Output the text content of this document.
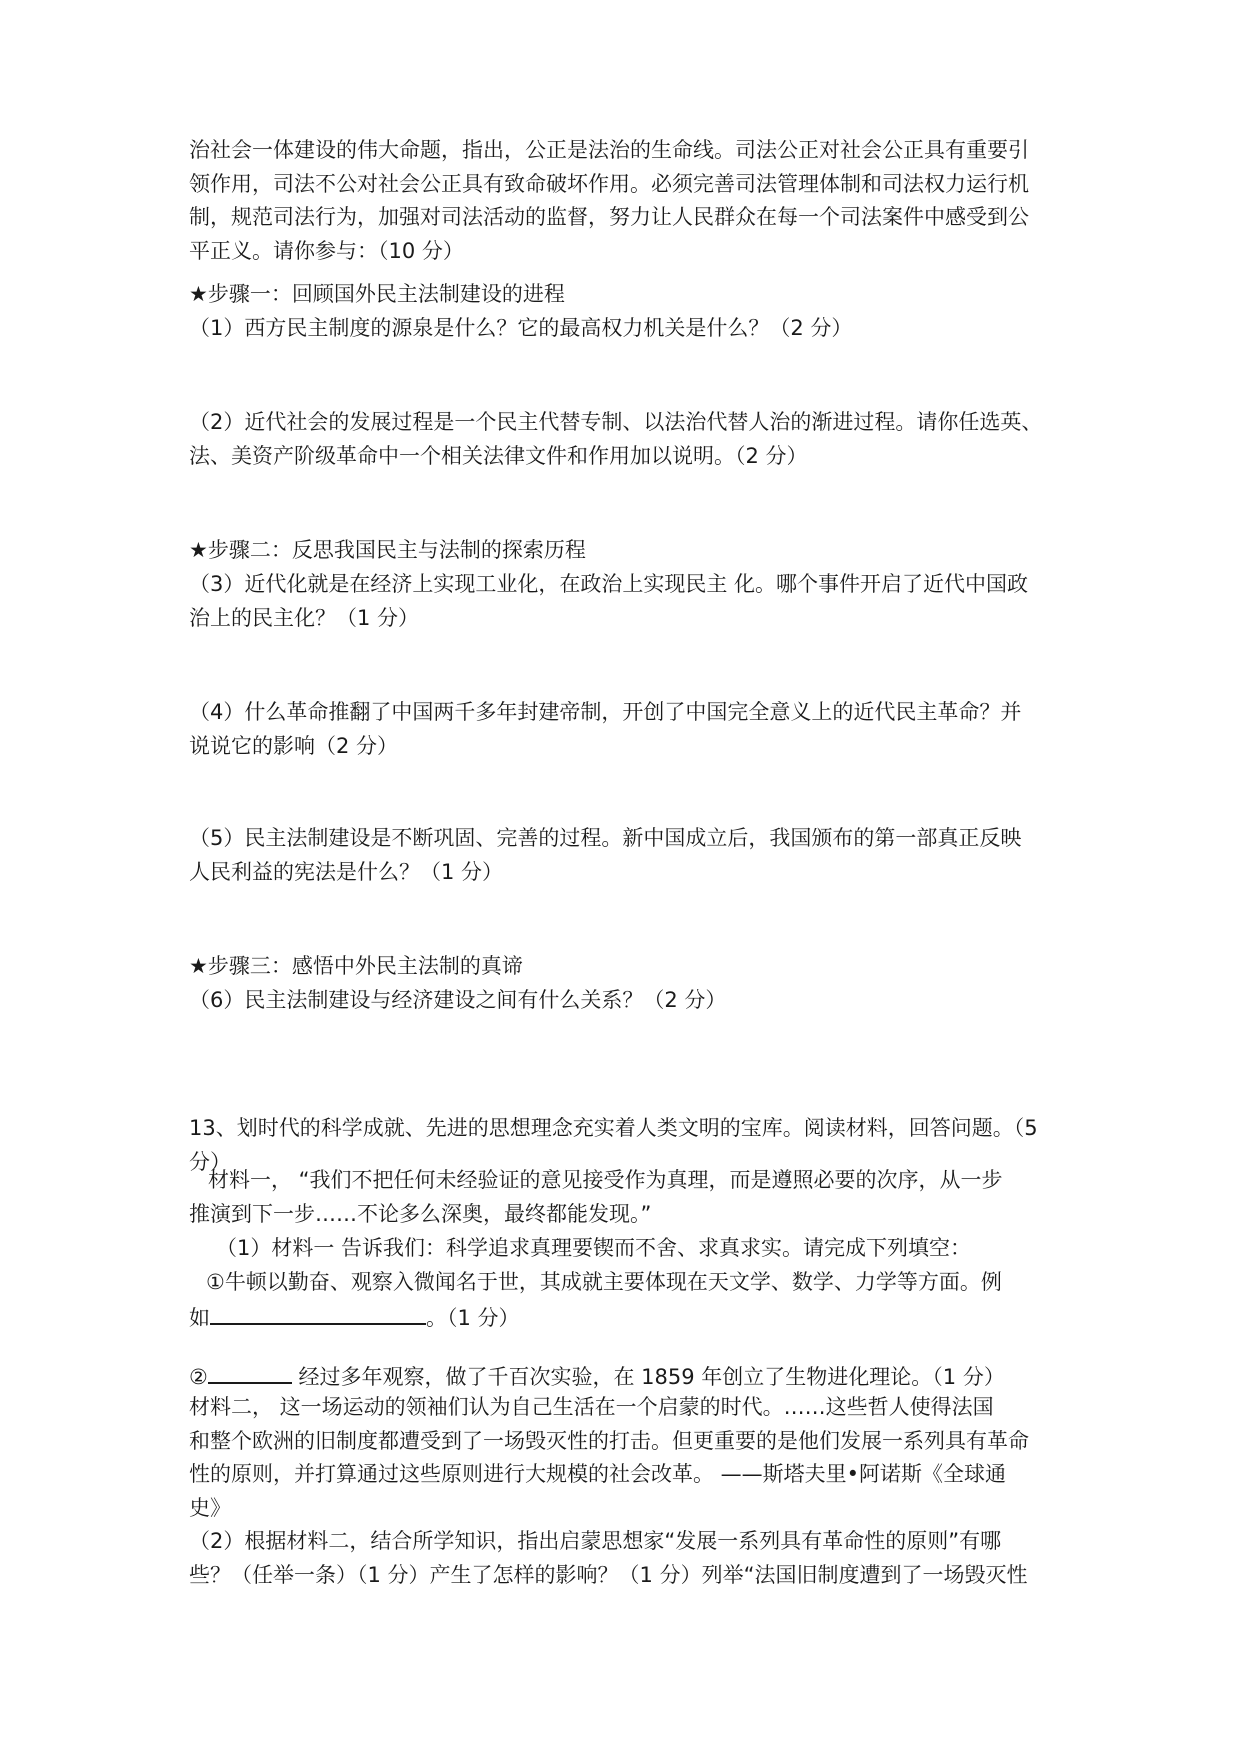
治社会一体建设的伟大命题，指出，公正是法治的生命线。司法公正对社会公正具有重要引
领作用，司法不公对社会公正具有致命破坏作用。必须完善司法管理体制和司法权力运行机
制，规范司法行为，加强对司法活动的监督，努力让人民群众在每一个司法案件中感受到公
平正义。请你参与：（10 分）
★步骤一：回顾国外民主法制建设的进程
（1）西方民主制度的源泉是什么？它的最高权力机关是什么？（2 分）
（2）近代社会的发展过程是一个民主代替专制、以法治代替人治的渐进过程。请你任选英、
法、美资产阶级革命中一个相关法律文件和作用加以说明。（2 分）
★步骤二：反思我国民主与法制的探索历程
（3）近代化就是在经济上实现工业化，在政治上实现民主 化。哪个事件开启了近代中国政
治上的民主化？（1 分）
（4）什么革命推翻了中国两千多年封建帝制，开创了中国完全意义上的近代民主革命？并
说说它的影响（2 分）
（5）民主法制建设是不断巩固、完善的过程。新中国成立后，我国颁布的第一部真正反映
人民利益的宪法是什么？（1 分）
★步骤三：感悟中外民主法制的真谛
（6）民主法制建设与经济建设之间有什么关系？（2 分）
13、划时代的科学成就、先进的思想理念充实着人类文明的宝库。阅读材料，回答问题。（5
分）
材料一， “我们不把任何未经验证的意见接受作为真理，而是遵照必要的次序，从一步
推演到下一步……不论多么深奥，最终都能发现。”
（1）材料一 告诉我们：科学追求真理要锲而不舍、求真求实。请完成下列填空：
①牛顿以勤奋、观察入微闻名于世，其成就主要体现在天文学、数学、力学等方面。例
如	。（1 分）
②	经过多年观察，做了千百次实验，在 1859 年创立了生物进化理论。（1 分）
材料二， 这一场运动的领袖们认为自己生活在一个启蒙的时代。……这些哲人使得法国
和整个欧洲的旧制度都遭受到了一场毁灭性的打击。但更重要的是他们发展一系列具有革命
性的原则，并打算通过这些原则进行大规模的社会改革。 ——斯塔夫里•阿诺斯《全球通
史》
（2）根据材料二，结合所学知识，指出启蒙思想家“发展一系列具有革命性的原则”有哪
些？（任举一条）（1 分）产生了怎样的影响？（1 分）列举“法国旧制度遭到了一场毁灭性
